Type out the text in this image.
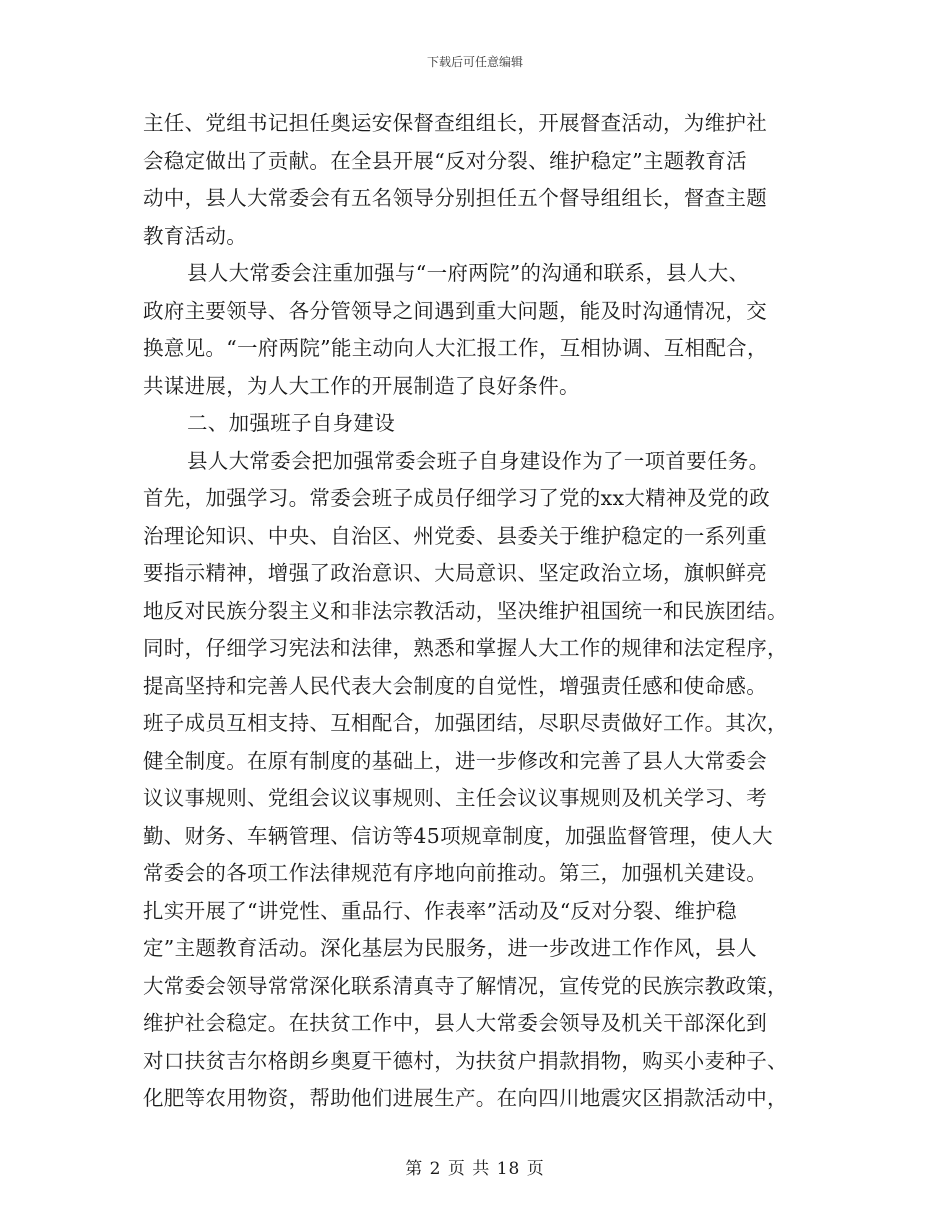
下载后可任意编辑
主任、党组书记担任奥运安保督查组组长，开展督查活动，为维护社
会稳定做出了贡献。在全县开展“反对分裂、维护稳定”主题教育活
动中，县人大常委会有五名领导分别担任五个督导组组长，督查主题
教育活动。
县人大常委会注重加强与“一府两院”的沟通和联系，县人大、
政府主要领导、各分管领导之间遇到重大问题，能及时沟通情况，交
换意见。“一府两院”能主动向人大汇报工作，互相协调、互相配合，
共谋进展，为人大工作的开展制造了良好条件。
二、加强班子自身建设
县人大常委会把加强常委会班子自身建设作为了一项首要任务。
首先，加强学习。常委会班子成员仔细学习了党的xx大精神及党的政
治理论知识、中央、自治区、州党委、县委关于维护稳定的一系列重
要指示精神，增强了政治意识、大局意识、坚定政治立场，旗帜鲜亮
地反对民族分裂主义和非法宗教活动，坚决维护祖国统一和民族团结。
同时，仔细学习宪法和法律，熟悉和掌握人大工作的规律和法定程序，
提高坚持和完善人民代表大会制度的自觉性，增强责任感和使命感。
班子成员互相支持、互相配合，加强团结，尽职尽责做好工作。其次，
健全制度。在原有制度的基础上，进一步修改和完善了县人大常委会
议议事规则、党组会议议事规则、主任会议议事规则及机关学习、考
勤、财务、车辆管理、信访等45项规章制度，加强监督管理，使人大
常委会的各项工作法律规范有序地向前推动。第三，加强机关建设。
扎实开展了“讲党性、重品行、作表率”活动及“反对分裂、维护稳
定”主题教育活动。深化基层为民服务，进一步改进工作作风，县人
大常委会领导常常深化联系清真寺了解情况，宣传党的民族宗教政策，
维护社会稳定。在扶贫工作中，县人大常委会领导及机关干部深化到
对口扶贫吉尔格朗乡奥夏干德村，为扶贫户捐款捐物，购买小麦种子、
化肥等农用物资，帮助他们进展生产。在向四川地震灾区捐款活动中，
第 2 页 共 18 页
